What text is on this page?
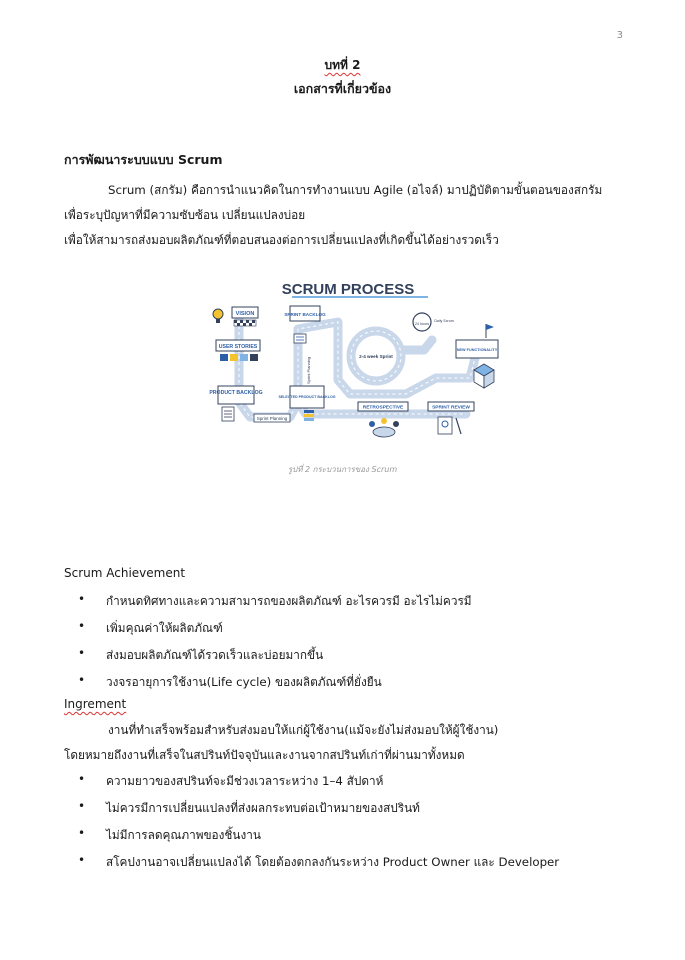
3
บทที่ 2
เอกสารที่เกี่ยวข้อง
การพัฒนาระบบแบบ Scrum
Scrum (สกรัม) คือการนำแนวคิดในการทำงานแบบ Agile (อไจล์) มาปฏิบัติตามขั้นตอนของสกรัม
เพื่อระบุปัญหาที่มีความซับซ้อน เปลี่ยนแปลงบ่อย
เพื่อให้สามารถส่งมอบผลิตภัณฑ์ที่ตอบสนองต่อการเปลี่ยนแปลงที่เกิดขึ้นได้อย่างรวดเร็ว
SCRUM PROCESS
VISION
USER STORIES
PRODUCT BACKLOG
Sprint Planning
SPRINT BACKLOG
Sprint Planning
SELECTED PRODUCT BACKLOG
2-4 week Sprint
24 hours
Daily Scrum
NEW FUNCTIONALITY
RETROSPECTIVE	SPRINT REVIEW
รูปที่ 2 กระบวนการของ Scrum
Scrum Achievement
• กำหนดทิศทางและความสามารถของผลิตภัณฑ์ อะไรควรมี อะไรไม่ควรมี
• เพิ่มคุณค่าให้ผลิตภัณฑ์
• ส่งมอบผลิตภัณฑ์ได้รวดเร็วและบ่อยมากขึ้น
• วงจรอายุการใช้งาน(Life cycle) ของผลิตภัณฑ์ที่ยั่งยืน
Ingrement
งานที่ทำเสร็จพร้อมสำหรับส่งมอบให้แก่ผู้ใช้งาน(แม้จะยังไม่ส่งมอบให้ผู้ใช้งาน)
โดยหมายถึงงานที่เสร็จในสปรินท์ปัจจุบันและงานจากสปรินท์เก่าที่ผ่านมาทั้งหมด
• ความยาวของสปรินท์จะมีช่วงเวลาระหว่าง 1–4 สัปดาห์
• ไม่ควรมีการเปลี่ยนแปลงที่ส่งผลกระทบต่อเป้าหมายของสปรินท์
• ไม่มีการลดคุณภาพของชิ้นงาน
• สโคปงานอาจเปลี่ยนแปลงได้ โดยต้องตกลงกันระหว่าง Product Owner และ Developer
